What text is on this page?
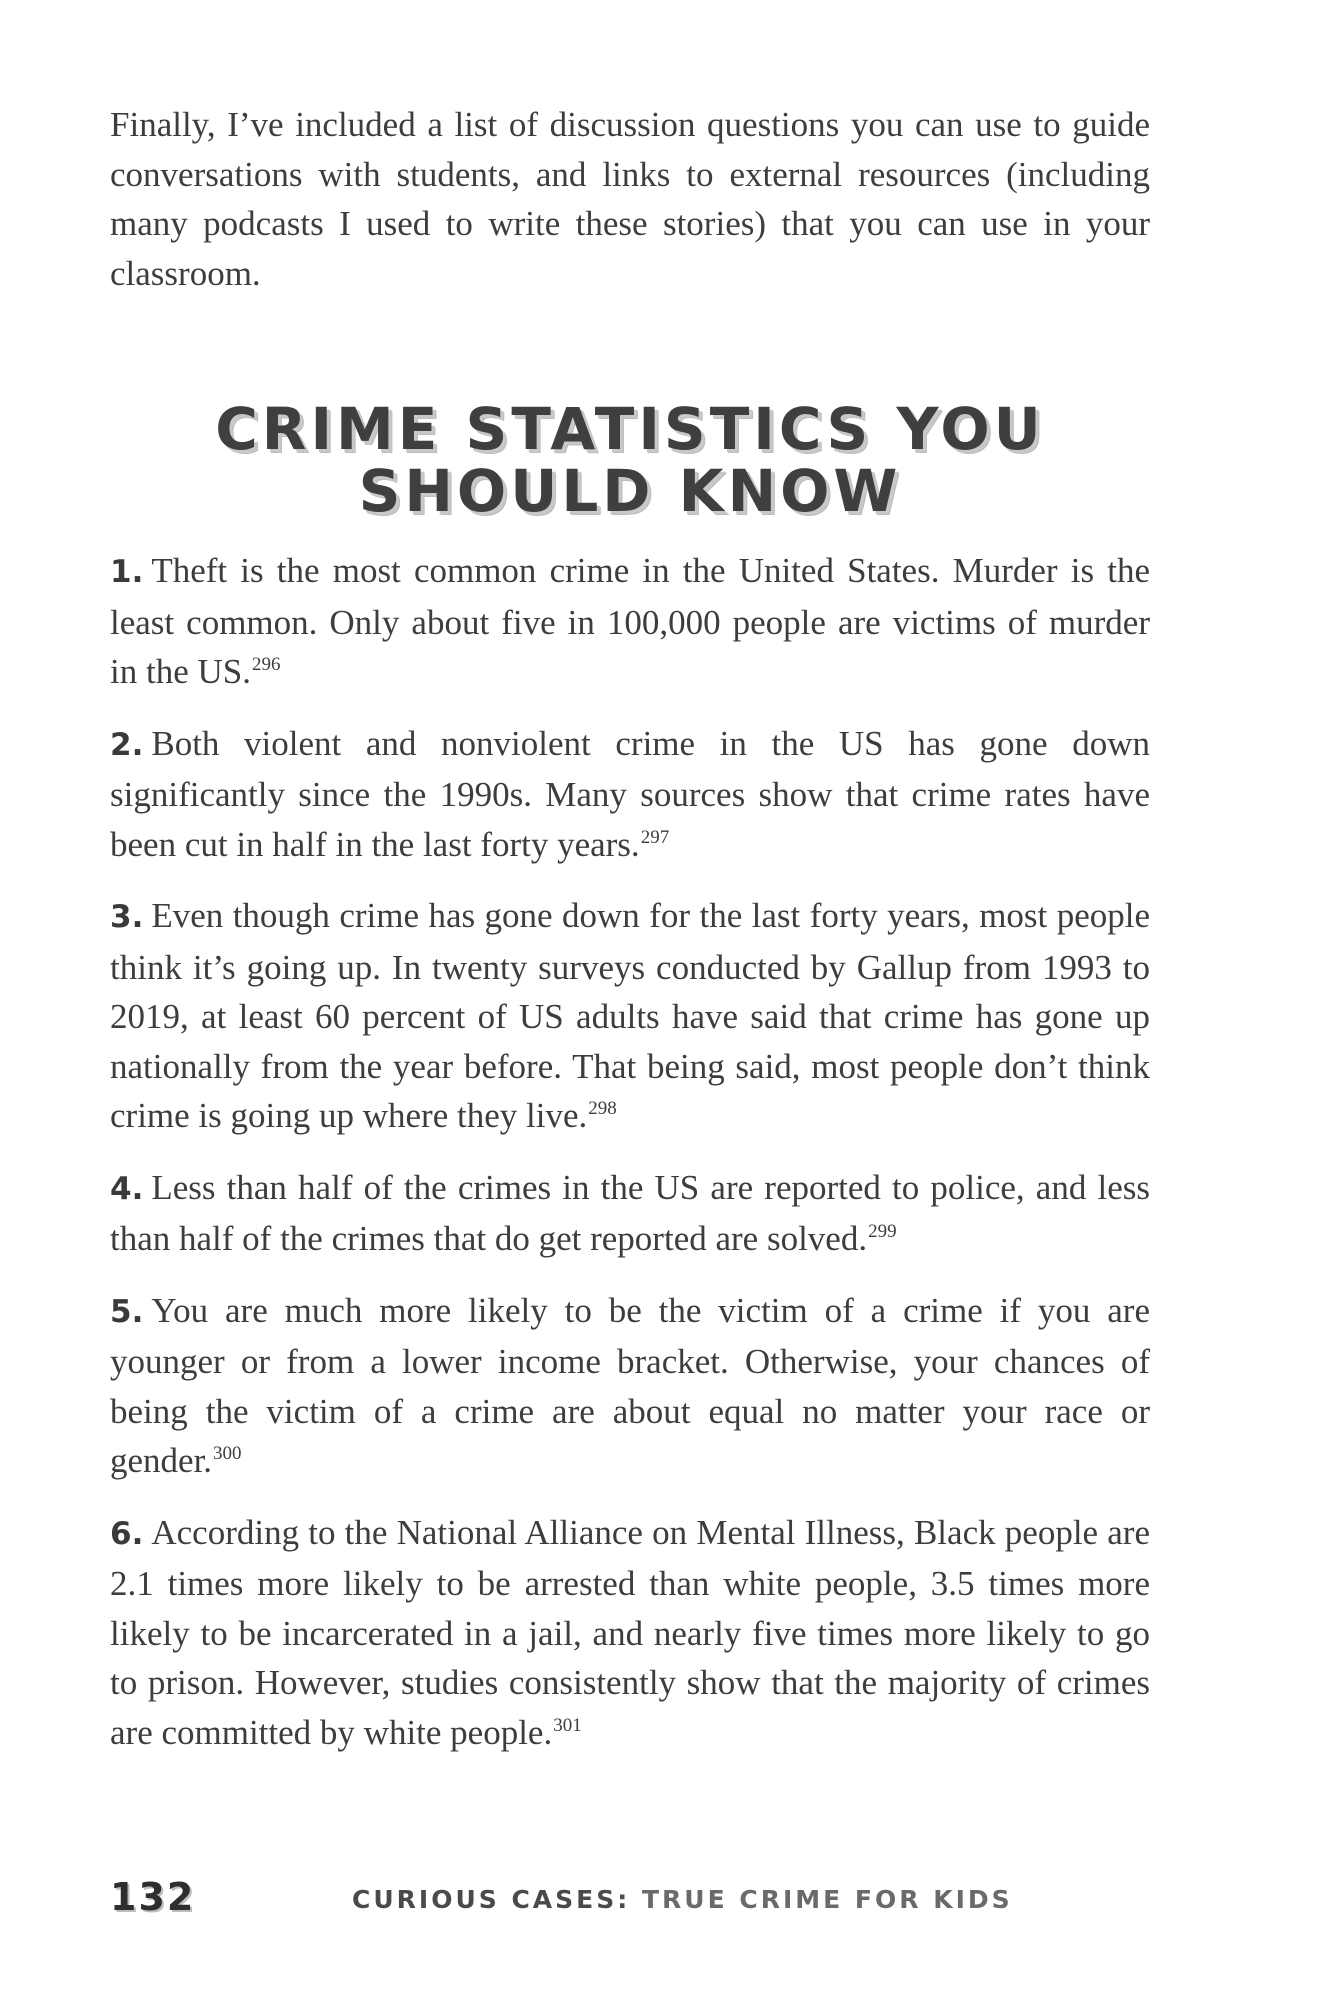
Finally, I’ve included a list of discussion questions you can use to guide conversations with students, and links to external resources (including many podcasts I used to write these stories) that you can use in your classroom.

CRIME STATISTICS YOU
SHOULD KNOW
1. Theft is the most common crime in the United States. Murder is the least common. Only about five in 100,000 people are victims of murder in the US.$^{296}$
2. Both violent and nonviolent crime in the US has gone down significantly since the 1990s. Many sources show that crime rates have been cut in half in the last forty years.$^{297}$
3. Even though crime has gone down for the last forty years, most people think it’s going up. In twenty surveys conducted by Gallup from 1993 to 2019, at least 60 percent of US adults have said that crime has gone up nationally from the year before. That being said, most people don’t think crime is going up where they live.$^{298}$
4. Less than half of the crimes in the US are reported to police, and less than half of the crimes that do get reported are solved.$^{299}$
5. You are much more likely to be the victim of a crime if you are younger or from a lower income bracket. Otherwise, your chances of being the victim of a crime are about equal no matter your race or gender.$^{300}$
6. According to the National Alliance on Mental Illness, Black people are 2.1 times more likely to be arrested than white people, 3.5 times more likely to be incarcerated in a jail, and nearly five times more likely to go to prison. However, studies consistently show that the majority of crimes are committed by white people.$^{301}$
132	CURIOUS CASES: TRUE CRIME FOR KIDS
